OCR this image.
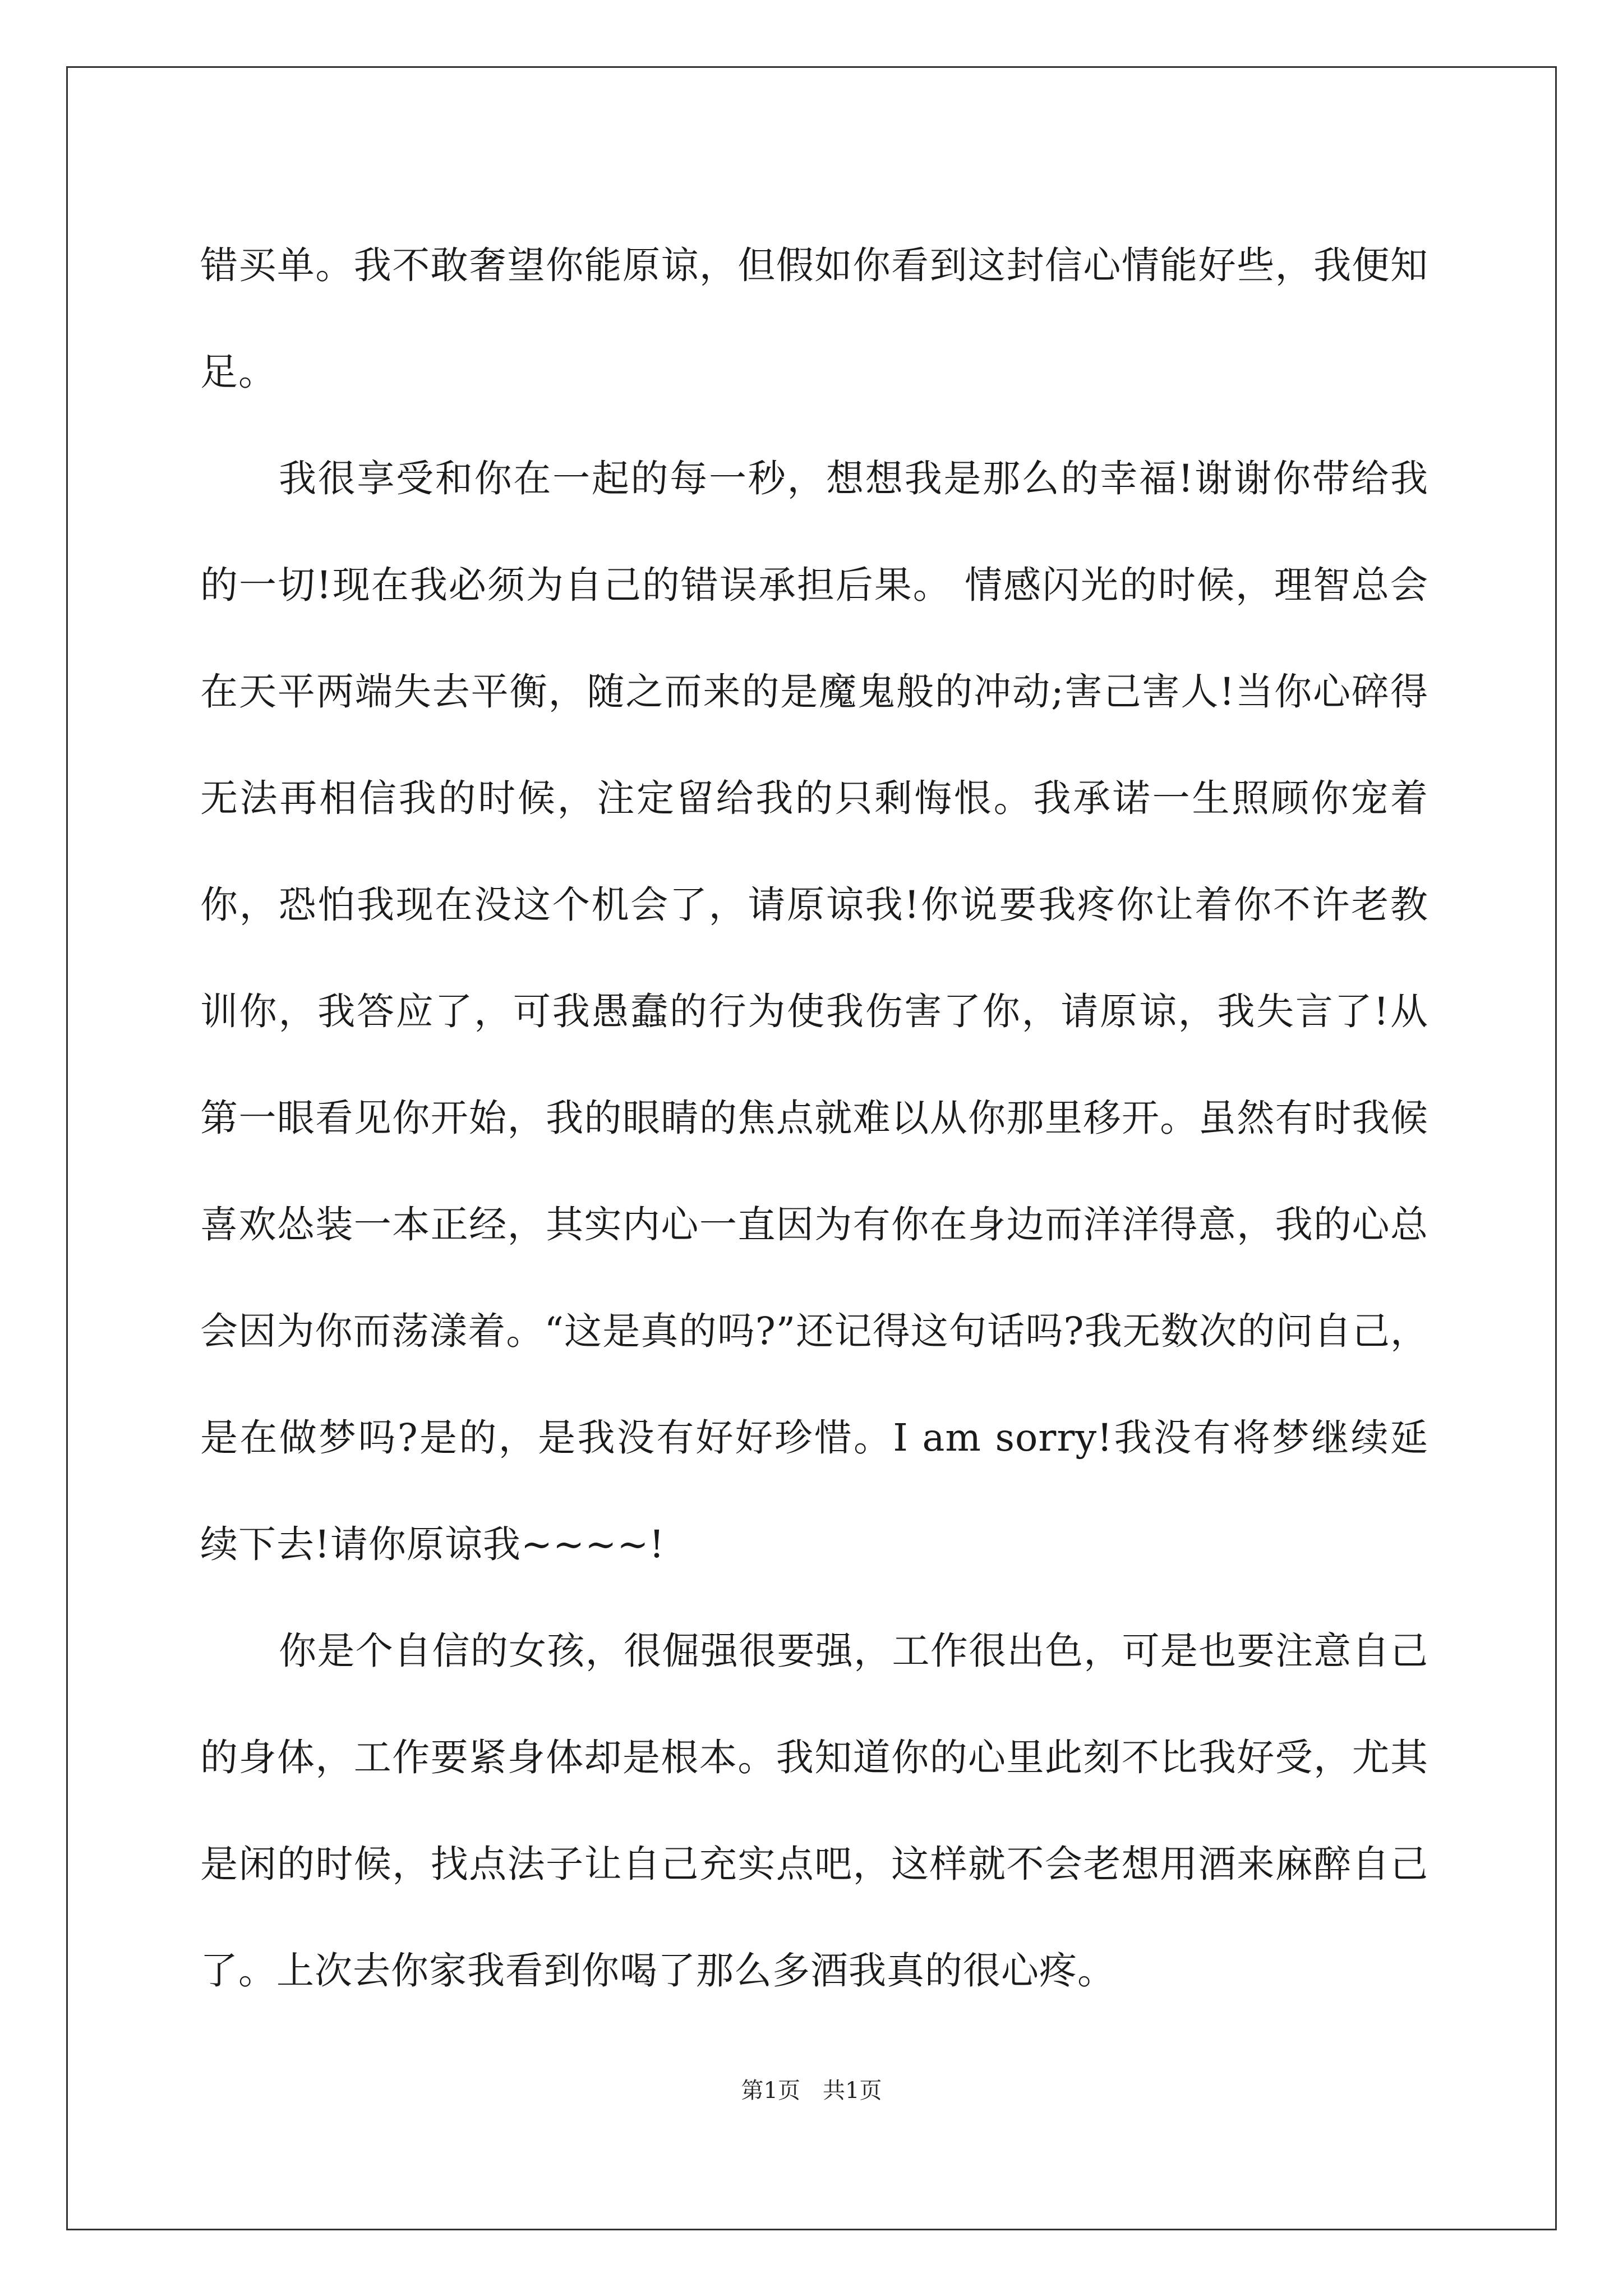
错买单。我不敢奢望你能原谅，但假如你看到这封信心情能好些，我便知足。

我很享受和你在一起的每一秒，想想我是那么的幸福!谢谢你带给我的一切!现在我必须为自己的错误承担后果。 情感闪光的时候，理智总会在天平两端失去平衡，随之而来的是魔鬼般的冲动;害己害人!当你心碎得无法再相信我的时候，注定留给我的只剩悔恨。我承诺一生照顾你宠着你，恐怕我现在没这个机会了，请原谅我!你说要我疼你让着你不许老教训你，我答应了，可我愚蠢的行为使我伤害了你，请原谅，我失言了!从第一眼看见你开始，我的眼睛的焦点就难以从你那里移开。虽然有时我候喜欢怂装一本正经，其实内心一直因为有你在身边而洋洋得意，我的心总会因为你而荡漾着。“这是真的吗?”还记得这句话吗?我无数次的问自己，是在做梦吗?是的，是我没有好好珍惜。I am sorry!我没有将梦继续延续下去!请你原谅我~~~~!

你是个自信的女孩，很倔强很要强，工作很出色，可是也要注意自己的身体，工作要紧身体却是根本。我知道你的心里此刻不比我好受，尤其是闲的时候，找点法子让自己充实点吧，这样就不会老想用酒来麻醉自己了。上次去你家我看到你喝了那么多酒我真的很心疼。

第1页 共1页
